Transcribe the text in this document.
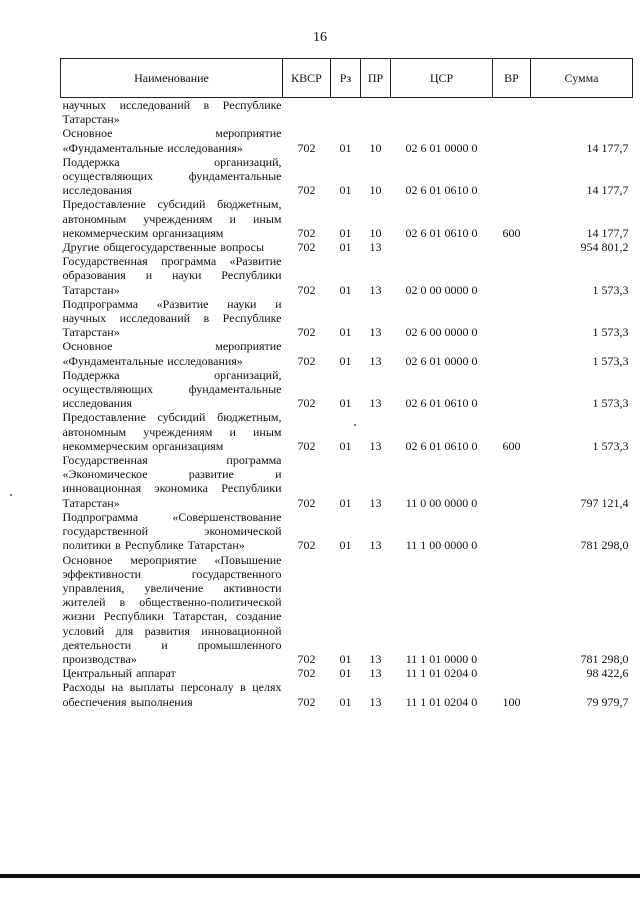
16
Наименование	КВСР	Рз	ПР	ЦСР	ВР	Сумма
научных исследований в Республике Татарстан»						
Основное мероприятие «Фундаментальные исследования»	702	01	10	02 6 01 0000 0		14 177,7
Поддержка организаций, осуществляющих фундаментальные исследования	702	01	10	02 6 01 0610 0		14 177,7
Предоставление субсидий бюджетным, автономным учреждениям и иным некоммерческим организациям	702	01	10	02 6 01 0610 0	600	14 177,7
Другие общегосударственные вопросы	702	01	13			954 801,2
Государственная программа «Развитие образования и науки Республики Татарстан»	702	01	13	02 0 00 0000 0		1 573,3
Подпрограмма «Развитие науки и научных исследований в Республике Татарстан»	702	01	13	02 6 00 0000 0		1 573,3
Основное мероприятие «Фундаментальные исследования»	702	01	13	02 6 01 0000 0		1 573,3
Поддержка организаций, осуществляющих фундаментальные исследования	702	01	13	02 6 01 0610 0		1 573,3
Предоставление субсидий бюджетным, автономным учреждениям и иным некоммерческим организациям	702	01	13	02 6 01 0610 0	600	1 573,3
Государственная программа «Экономическое развитие и инновационная экономика Республики Татарстан»	702	01	13	11 0 00 0000 0		797 121,4
Подпрограмма «Совершенствование государственной экономической политики в Республике Татарстан»	702	01	13	11 1 00 0000 0		781 298,0
Основное мероприятие «Повышение эффективности государственного управления, увеличение активности жителей в общественно-политической жизни Республики Татарстан, создание условий для развития инновационной деятельности и промышленного производства»	702	01	13	11 1 01 0000 0		781 298,0
Центральный аппарат	702	01	13	11 1 01 0204 0		98 422,6
Расходы на выплаты персоналу в целях обеспечения выполнения	702	01	13	11 1 01 0204 0	100	79 979,7
